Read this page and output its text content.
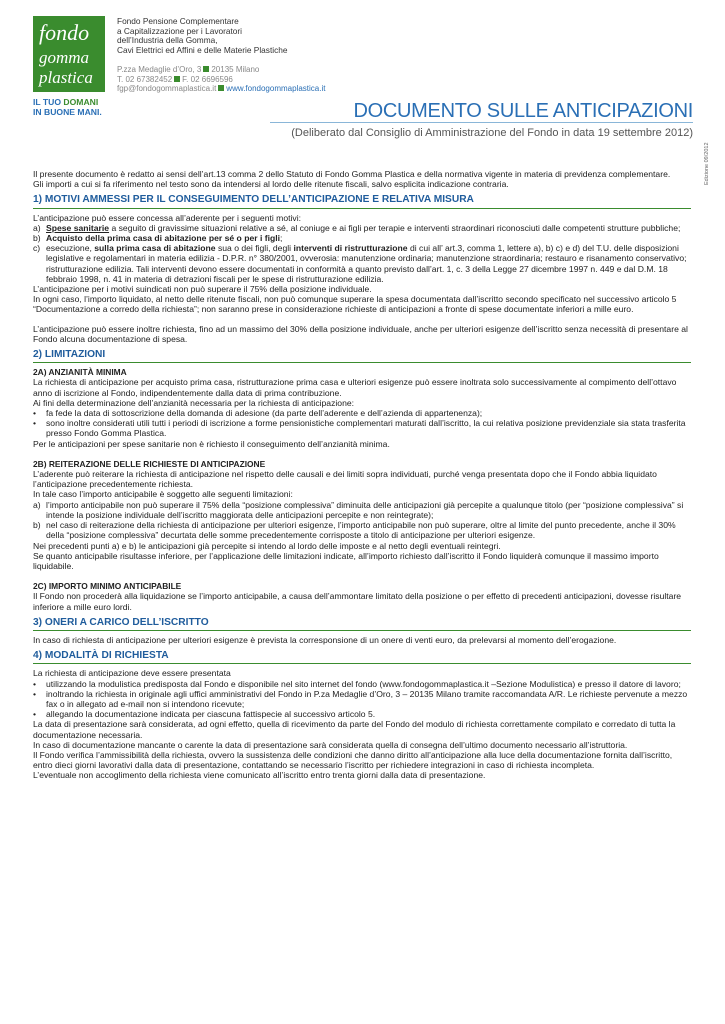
fondo
gomma
plastica
IL TUO DOMANI
IN BUONE MANI.
Fondo Pensione Complementare
a Capitalizzazione per i Lavoratori
dell’Industria della Gomma,
Cavi Elettrici ed Affini e delle Materie Plastiche
P.zza Medaglie d’Oro, 3 20135 Milano
T. 02 67382452 F. 02 6696596
fgp@fondogommaplastica.it www.fondogommaplastica.it
DOCUMENTO SULLE ANTICIPAZIONI
(Deliberato dal Consiglio di Amministrazione del Fondo in data 19 settembre 2012)
Edizione 09/2012

Il presente documento è redatto ai sensi dell’art.13 comma 2 dello Statuto di Fondo Gomma Plastica e della normativa vigente in materia di previdenza complementare.

Gli importi a cui si fa riferimento nel testo sono da intendersi al lordo delle ritenute fiscali, salvo esplicita indicazione contraria.

1) MOTIVI AMMESSI PER IL CONSEGUIMENTO DELL’ANTICIPAZIONE E RELATIVA MISURA

L’anticipazione può essere concessa all’aderente per i seguenti motivi:

a) Spese sanitarie a seguito di gravissime situazioni relative a sé, al coniuge e ai figli per terapie e interventi straordinari riconosciuti dalle competenti strutture pubbliche;
b) Acquisto della prima casa di abitazione per sé o per i figli;
c) esecuzione, sulla prima casa di abitazione sua o dei figli, degli interventi di ristrutturazione di cui all’ art.3, comma 1, lettere a), b) c) e d) del T.U. delle disposizioni legislative e regolamentari in materia edilizia - D.P.R. n° 380/2001, ovverosia: manutenzione ordinaria; manutenzione straordinaria; restauro e risanamento conservativo; ristrutturazione edilizia. Tali interventi devono essere documentati in conformità a quanto previsto dall’art. 1, c. 3 della Legge 27 dicembre 1997 n. 449 e dal D.M. 18 febbraio 1998, n. 41 in materia di detrazioni fiscali per le spese di ristrutturazione edilizia.

L’anticipazione per i motivi suindicati non può superare il 75% della posizione individuale.

In ogni caso, l’importo liquidato, al netto delle ritenute fiscali, non può comunque superare la spesa documentata dall’iscritto secondo specificato nel successivo articolo 5 “Documentazione a corredo della richiesta”; non saranno prese in considerazione richieste di anticipazioni a fronte di spese documentate inferiori a mille euro.

L’anticipazione può essere inoltre richiesta, fino ad un massimo del 30% della posizione individuale, anche per ulteriori esigenze dell’iscritto senza necessità di presentare al Fondo alcuna documentazione di spesa.

2) LIMITAZIONI
2A) ANZIANITÀ MINIMA

La richiesta di anticipazione per acquisto prima casa, ristrutturazione prima casa e ulteriori esigenze può essere inoltrata solo successivamente al compimento dell’ottavo anno di iscrizione al Fondo, indipendentemente dalla data di prima contribuzione.

Ai fini della determinazione dell’anzianità necessaria per la richiesta di anticipazione:

• fa fede la data di sottoscrizione della domanda di adesione (da parte dell’aderente e dell’azienda di appartenenza);
• sono inoltre considerati utili tutti i periodi di iscrizione a forme pensionistiche complementari maturati dall’iscritto, la cui relativa posizione previdenziale sia stata trasferita presso Fondo Gomma Plastica.

Per le anticipazioni per spese sanitarie non è richiesto il conseguimento dell’anzianità minima.

2B) REITERAZIONE DELLE RICHIESTE DI ANTICIPAZIONE

L’aderente può reiterare la richiesta di anticipazione nel rispetto delle causali e dei limiti sopra individuati, purché venga presentata dopo che il Fondo abbia liquidato l’anticipazione precedentemente richiesta.

In tale caso l’importo anticipabile è soggetto alle seguenti limitazioni:

a) l’importo anticipabile non può superare il 75% della “posizione complessiva” diminuita delle anticipazioni già percepite a qualunque titolo (per “posizione complessiva” si intende la posizione individuale dell’iscritto maggiorata delle anticipazioni percepite e non reintegrate);
b) nel caso di reiterazione della richiesta di anticipazione per ulteriori esigenze, l’importo anticipabile non può superare, oltre al limite del punto precedente, anche il 30% della “posizione complessiva” decurtata delle somme precedentemente corrisposte a titolo di anticipazione per ulteriori esigenze.

Nei precedenti punti a) e b) le anticipazioni già percepite si intendo al lordo delle imposte e al netto degli eventuali reintegri.

Se quanto anticipabile risultasse inferiore, per l’applicazione delle limitazioni indicate, all’importo richiesto dall’iscritto il Fondo liquiderà comunque il massimo importo liquidabile.

2C) IMPORTO MINIMO ANTICIPABILE

Il Fondo non procederà alla liquidazione se l’importo anticipabile, a causa dell’ammontare limitato della posizione o per effetto di precedenti anticipazioni, dovesse risultare inferiore a mille euro lordi.

3) ONERI A CARICO DELL’ISCRITTO

In caso di richiesta di anticipazione per ulteriori esigenze è prevista la corresponsione di un onere di venti euro, da prelevarsi al momento dell’erogazione.

4) MODALITÀ DI RICHIESTA

La richiesta di anticipazione deve essere presentata

• utilizzando la modulistica predisposta dal Fondo e disponibile nel sito internet del fondo (www.fondogommaplastica.it –Sezione Modulistica) e presso il datore di lavoro;
• inoltrando la richiesta in originale agli uffici amministrativi del Fondo in P.za Medaglie d’Oro, 3 – 20135 Milano tramite raccomandata A/R. Le richieste pervenute a mezzo fax o in allegato ad e-mail non si intendono ricevute;
• allegando la documentazione indicata per ciascuna fattispecie al successivo articolo 5.

La data di presentazione sarà considerata, ad ogni effetto, quella di ricevimento da parte del Fondo del modulo di richiesta correttamente compilato e corredato di tutta la documentazione necessaria.

In caso di documentazione mancante o carente la data di presentazione sarà considerata quella di consegna dell’ultimo documento necessario all’istruttoria.

Il Fondo verifica l’ammissibilità della richiesta, ovvero la sussistenza delle condizioni che danno diritto all’anticipazione alla luce della documentazione fornita dall’iscritto, entro dieci giorni lavorativi dalla data di presentazione, contattando se necessario l’iscritto per richiedere integrazioni in caso di richiesta incompleta.

L’eventuale non accoglimento della richiesta viene comunicato all’iscritto entro trenta giorni dalla data di presentazione.
